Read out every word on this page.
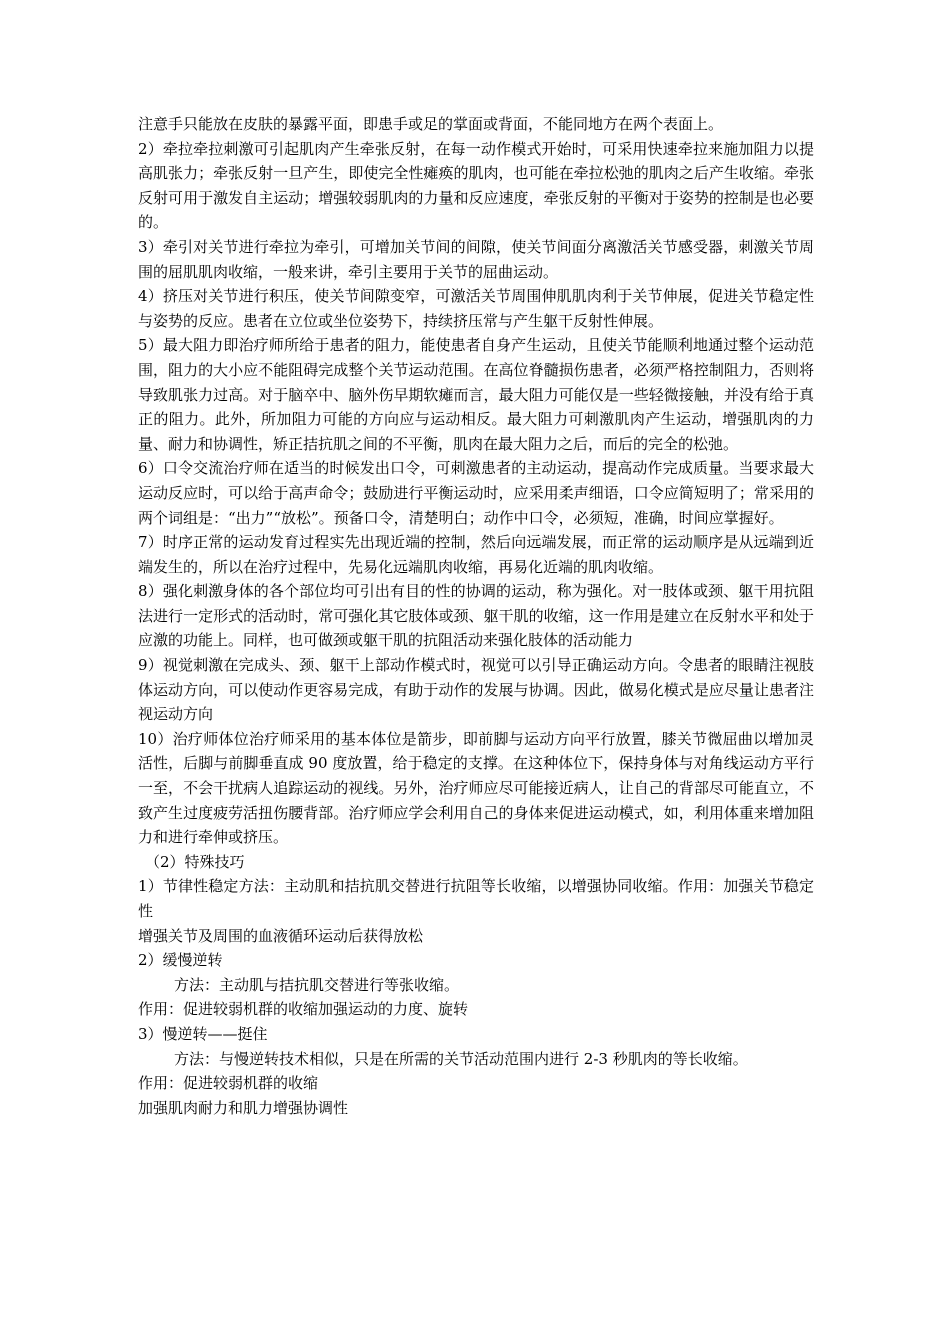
注意手只能放在皮肤的暴露平面，即患手或足的掌面或背面，不能同地方在两个表面上。

2）牵拉牵拉刺激可引起肌肉产生牵张反射，在每一动作模式开始时，可采用快速牵拉来施加阻力以提高肌张力；牵张反射一旦产生，即使完全性瘫痪的肌肉，也可能在牵拉松弛的肌肉之后产生收缩。牵张反射可用于激发自主运动；增强较弱肌肉的力量和反应速度，牵张反射的平衡对于姿势的控制是也必要的。

3）牵引对关节进行牵拉为牵引，可增加关节间的间隙，使关节间面分离激活关节感受器，刺激关节周围的屈肌肌肉收缩，一般来讲，牵引主要用于关节的屈曲运动。

4）挤压对关节进行积压，使关节间隙变窄，可激活关节周围伸肌肌肉利于关节伸展，促进关节稳定性与姿势的反应。患者在立位或坐位姿势下，持续挤压常与产生躯干反射性伸展。

5）最大阻力即治疗师所给于患者的阻力，能使患者自身产生运动，且使关节能顺利地通过整个运动范围，阻力的大小应不能阻碍完成整个关节运动范围。在高位脊髓损伤患者，必须严格控制阻力，否则将导致肌张力过高。对于脑卒中、脑外伤早期软瘫而言，最大阻力可能仅是一些轻微接触，并没有给于真正的阻力。此外，所加阻力可能的方向应与运动相反。最大阻力可刺激肌肉产生运动，增强肌肉的力量、耐力和协调性，矫正拮抗肌之间的不平衡，肌肉在最大阻力之后，而后的完全的松弛。

6）口令交流治疗师在适当的时候发出口令，可刺激患者的主动运动，提高动作完成质量。当要求最大运动反应时，可以给于高声命令；鼓励进行平衡运动时，应采用柔声细语，口令应简短明了；常采用的两个词组是：“出力”“放松”。预备口令，清楚明白；动作中口令，必须短，准确，时间应掌握好。

7）时序正常的运动发育过程实先出现近端的控制，然后向远端发展，而正常的运动顺序是从远端到近端发生的，所以在治疗过程中，先易化远端肌肉收缩，再易化近端的肌肉收缩。

8）强化刺激身体的各个部位均可引出有目的性的协调的运动，称为强化。对一肢体或颈、躯干用抗阻法进行一定形式的活动时，常可强化其它肢体或颈、躯干肌的收缩，这一作用是建立在反射水平和处于应激的功能上。同样，也可做颈或躯干肌的抗阻活动来强化肢体的活动能力

9）视觉刺激在完成头、颈、躯干上部动作模式时，视觉可以引导正确运动方向。令患者的眼睛注视肢体运动方向，可以使动作更容易完成，有助于动作的发展与协调。因此，做易化模式是应尽量让患者注视运动方向

10）治疗师体位治疗师采用的基本体位是箭步，即前脚与运动方向平行放置，膝关节微屈曲以增加灵活性，后脚与前脚垂直成 90 度放置，给于稳定的支撑。在这种体位下，保持身体与对角线运动方平行一至，不会干扰病人追踪运动的视线。另外，治疗师应尽可能接近病人，让自己的背部尽可能直立，不致产生过度疲劳活扭伤腰背部。治疗师应学会利用自己的身体来促进运动模式，如，利用体重来增加阻力和进行牵伸或挤压。

（2）特殊技巧

1）节律性稳定方法：主动肌和拮抗肌交替进行抗阻等长收缩，以增强协同收缩。作用：加强关节稳定性

增强关节及周围的血液循环运动后获得放松

2）缓慢逆转

方法：主动肌与拮抗肌交替进行等张收缩。

作用：促进较弱机群的收缩加强运动的力度、旋转

3）慢逆转——挺住

方法：与慢逆转技术相似，只是在所需的关节活动范围内进行 2-3 秒肌肉的等长收缩。

作用：促进较弱机群的收缩

加强肌肉耐力和肌力增强协调性
